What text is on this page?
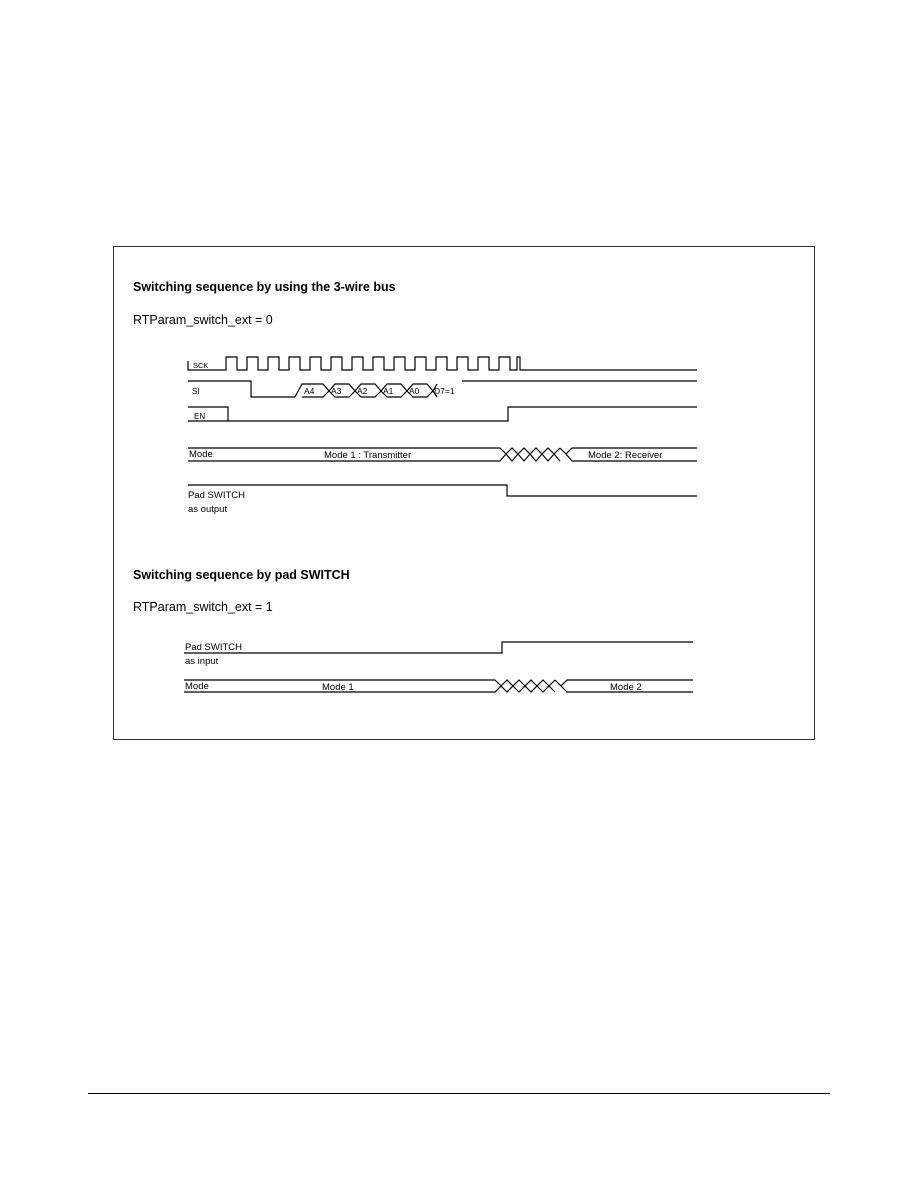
Switching sequence by using the 3-wire bus
RTParam_switch_ext = 0
Switching sequence by pad SWITCH
RTParam_switch_ext = 1
SCK
SI
EN
Mode
Pad SWITCH
as output
A4 A3 A2 A1 A0 D7=1
Mode 1 : Transmitter	Mode 2: Receiver
Pad SWITCH
as input
Mode	Mode 1	Mode 2
